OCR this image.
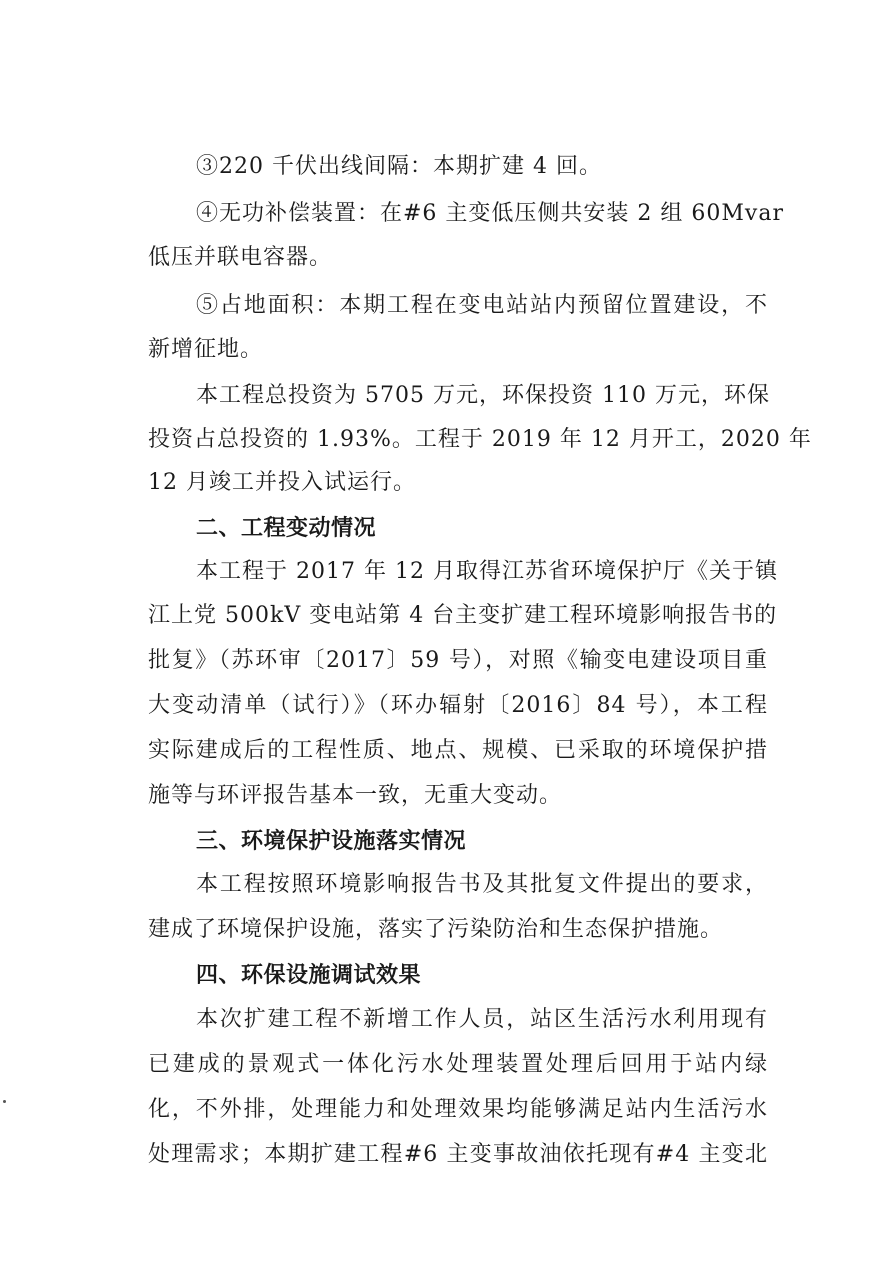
③220 千伏出线间隔：本期扩建 4 回。
④无功补偿装置：在#6 主变低压侧共安装 2 组 60Mvar
低压并联电容器。
⑤占地面积：本期工程在变电站站内预留位置建设，不
新增征地。
本工程总投资为 5705 万元，环保投资 110 万元，环保
投资占总投资的 1.93%。工程于 2019 年 12 月开工，2020 年
12 月竣工并投入试运行。
二、工程变动情况
本工程于 2017 年 12 月取得江苏省环境保护厅《关于镇
江上党 500kV 变电站第 4 台主变扩建工程环境影响报告书的
批复》（苏环审〔2017〕59 号），对照《输变电建设项目重
大变动清单（试行）》（环办辐射〔2016〕84 号），本工程
实际建成后的工程性质、地点、规模、已采取的环境保护措
施等与环评报告基本一致，无重大变动。
三、环境保护设施落实情况
本工程按照环境影响报告书及其批复文件提出的要求，
建成了环境保护设施，落实了污染防治和生态保护措施。
四、环保设施调试效果
本次扩建工程不新增工作人员，站区生活污水利用现有
已建成的景观式一体化污水处理装置处理后回用于站内绿
化，不外排，处理能力和处理效果均能够满足站内生活污水
处理需求；本期扩建工程#6 主变事故油依托现有#4 主变北
